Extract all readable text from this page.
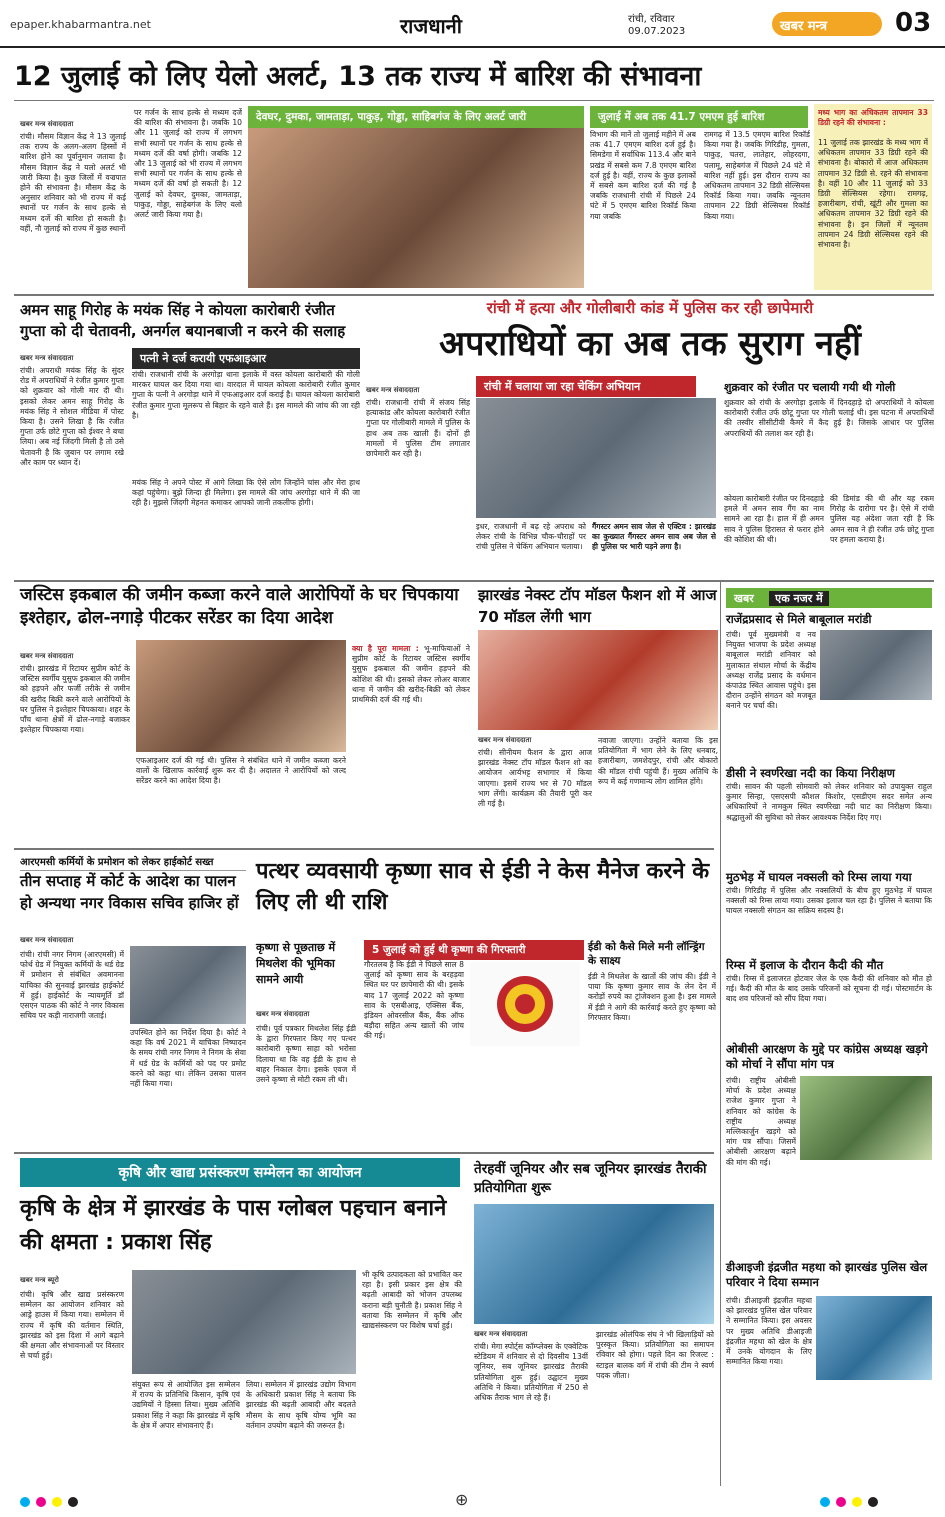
epaper.khabarmantra.net	राजधानी	रांची, रविवार
09.07.2023	खबर मन्त्र	03
12 जुलाई को लिए येलो अलर्ट, 13 तक राज्य में बारिश की संभावना
खबर मन्त्र संवाददाता
रांची। मौसम विज्ञान केंद्र ने 13 जुलाई तक राज्य के अलग-अलग हिस्सों में बारिश होने का पूर्वानुमान जताया है। मौसम विज्ञान केंद्र ने यलो अलर्ट भी जारी किया है। कुछ जिलों में वज्रपात होने की संभावना है। मौसम केंद्र के अनुसार शनिवार को भी राज्य में कई स्थानों पर गर्जन के साथ हल्के से मध्यम दर्जे की बारिश हो सकती है। वहीं, नौ जुलाई को राज्य में कुछ स्थानों
पर गर्जन के साथ हल्के से मध्यम दर्जे की बारिश की संभावना है। जबकि 10 और 11 जुलाई को राज्य में लगभग सभी स्थानों पर गर्जन के साथ हल्के से मध्यम दर्जे की वर्षा होगी। जबकि 12 और 13 जुलाई को भी राज्य में लगभग सभी स्थानों पर गर्जन के साथ हल्के से मध्यम दर्जे की वर्षा हो सकती है। 12 जुलाई को देवघर, दुमका, जामताड़ा, पाकुड़, गोड्डा, साहेबगंज के लिए यलो अलर्ट जारी किया गया है।
देवघर, दुमका, जामताड़ा, पाकुड़, गोड्डा, साहिबगंज के लिए अलर्ट जारी	जुलाई में अब तक 41.7 एमएम हुई बारिश
विभाग की मानें तो जुलाई महीने में अब तक 41.7 एमएम बारिश दर्ज हुई है। सिमडेगा में सर्वाधिक 113.4 और बाने प्रखंड में सबसे कम 7.8 एमएम बारिश दर्ज हुई है। वहीं, राज्य के कुछ इलाकों में सबसे कम बारिश दर्ज की गई है जबकि राजधानी रांची में पिछले 24 घंटे में 5 एमएम बारिश रिकॉर्ड किया गया जबकि
रामगढ़ में 13.5 एमएम बारिश रिकॉर्ड किया गया है। जबकि गिरिडीह, गुमला, पाकुड़, चतरा, लातेहार, लोहरदगा, पलामू, साहेबगंज में पिछले 24 घंटे में बारिश नहीं हुई। इस दौरान राज्य का अधिकतम तापमान 32 डिग्री सेल्सियस रिकॉर्ड किया गया। जबकि न्यूनतम तापमान 22 डिग्री सेल्सियस रिकॉर्ड किया गया।
मध्य भाग का अधिकतम तापमान 33 डिग्री रहने की संभावना :
11 जुलाई तक झारखंड के मध्य भाग में अधिकतम तापमान 33 डिग्री रहने की संभावना है। बोकारो में आज अधिकतम तापमान 32 डिग्री से. रहने की संभावना है। वहीं 10 और 11 जुलाई को 33 डिग्री सेल्सियस रहेगा। रामगढ़, हजारीबाग, रांची, खूंटी और गुमला का अधिकतम तापमान 32 डिग्री रहने की संभावना है। इन जिलों में न्यूनतम तापमान 24 डिग्री सेल्सियस रहने की संभावना है।
अमन साहू गिरोह के मयंक सिंह ने कोयला कारोबारी रंजीत गुप्ता को दी चेतावनी, अनर्गल बयानबाजी न करने की सलाह
खबर मन्त्र संवाददाता
रांची। अपराधी मयंक सिंह के सुंदर रोड में अपराधियों ने रंजीत कुमार गुप्ता को शुक्रवार को गोली मार दी थी। इसको लेकर अमन साहू गिरोह के मयंक सिंह ने सोशल मीडिया में पोस्ट किया है। उसने लिखा है कि रंजीत गुप्ता उर्फ छोटे गुप्ता को ईश्वर ने बचा लिया। अब नई जिंदगी मिली है तो उसे चेतावनी है कि जुबान पर लगाम रखे और काम पर ध्यान दें।
पत्नी ने दर्ज करायी एफआइआर
रांची। राजधानी रांची के अरगोड़ा थाना इलाके में वस्त कोयला कारोबारी की गोली मारकर घायल कर दिया गया था। वारदात में घायल कोयला कारोबारी रंजीत कुमार गुप्ता के पत्नी ने अरगोड़ा थाने में एफआइआर दर्ज कराई है। घायल कोयला कारोबारी रंजीत कुमार गुप्ता मूलरूप से बिहार के रहने वाले हैं। इस मामले की जांच की जा रही है।
मयंक सिंह ने अपने पोस्ट में आगे लिखा कि ऐसे लोग जिन्होंने चांस और मेरा हाथ कहां पहुंचेगा। बुझे जिन्दा ही मिलेगा। इस मामले की जांच अरगोड़ा थाने में की जा रही है। मुझसे जिंदगी मेहनत कमाकर आपको जानी तकलीफ होगी।
रांची में हत्या और गोलीबारी कांड में पुलिस कर रही छापेमारी
अपराधियों का अब तक सुराग नहीं
खबर मन्त्र संवाददाता
रांची। राजधानी रांची में संजय सिंह हत्याकांड और कोयला कारोबारी रंजीत गुप्ता पर गोलीबारी मामले में पुलिस के हाथ अब तक खाली हैं। दोनों ही मामलों में पुलिस टीम लगातार छापेमारी कर रही है।
रांची में चलाया जा रहा चेकिंग अभियान
इधर, राजधानी में बढ़ रहे अपराध को लेकर रांची के विभिन्न चौक-चौराहों पर रांची पुलिस ने चेकिंग अभियान चलाया।
गैंगस्टर अमन साव जेल से एक्टिव : झारखंड का कुख्यात गैंगस्टर अमन साव अब जेल से ही पुलिस पर भारी पड़ने लगा है।
शुक्रवार को रंजीत पर चलायी गयी थी गोली
शुक्रवार को रांची के अरगोड़ा इलाके में दिनदहाड़े दो अपराधियों ने कोयला कारोबारी रंजीत उर्फ छोटू गुप्ता पर गोली चलाई थी। इस घटना में अपराधियों की तस्वीर सीसीटीवी कैमरे में कैद हुई है। जिसके आधार पर पुलिस अपराधियों की तलाश कर रही है।
कोयला कारोबारी रंजीत पर दिनदहाड़े हमले में अमन साव गैंग का नाम सामने आ रहा है। हाल में ही अमन साव ने पुलिस हिरासत से फरार होने की कोशिश की थी।
की डिमांड की थी और यह रकम गिरोह के दारोगा पर है। ऐसे में रांची पुलिस यह अंदेशा जता रही है कि अमन साव ने ही रंजीत उर्फ छोटू गुप्ता पर हमला कराया है।
जस्टिस इकबाल की जमीन कब्जा करने वाले आरोपियों के घर चिपकाया इश्तेहार, ढोल-नगाड़े पीटकर सरेंडर का दिया आदेश
खबर मन्त्र संवाददाता
रांची। झारखंड में रिटायर सुप्रीम कोर्ट के जस्टिस स्वर्गीय युसुफ इकबाल की जमीन को हड़पने और फर्जी तरीके से जमीन की खरीद बिक्री करने वाले आरोपियों के घर पुलिस ने इश्तेहार चिपकाया। शहर के पाँच थाना क्षेत्रों में ढोल-नगाड़े बजाकर इश्तेहार चिपकाया गया।
एफआइआर दर्ज की गई थी। पुलिस ने संबंधित थाने में जमीन कब्जा करने वालों के खिलाफ कार्रवाई शुरू कर दी है। अदालत ने आरोपियों को जल्द सरेंडर करने का आदेश दिया है।
क्या है पूरा मामला : भू-माफियाओं ने सुप्रीम कोर्ट के रिटायर जस्टिस स्वर्गीय युसुफ इकबाल की जमीन हड़पने की कोशिश की थी। इसको लेकर लोअर बाजार थाना में जमीन की खरीद-बिक्री को लेकर प्राथमिकी दर्ज की गई थी।
झारखंड नेक्स्ट टॉप मॉडल फैशन शो में आज 70 मॉडल लेंगी भाग
खबर मन्त्र संवाददाता
रांची। सीनीयम फैशन के द्वारा आज झारखंड नेक्स्ट टॉप मॉडल फैशन शो का आयोजन आर्यभट्ट सभागार में किया जाएगा। इसमें राज्य भर से 70 मॉडल भाग लेंगी। कार्यक्रम की तैयारी पूरी कर ली गई है।
नवाजा जाएगा। उन्होंने बताया कि इस प्रतियोगिता में भाग लेने के लिए धनबाद, हजारीबाग, जमशेदपुर, रांची और बोकारो की मॉडल रांची पहुंची हैं। मुख्य अतिथि के रूप में कई गणमान्य लोग शामिल होंगे।
खबर एक नजर में
राजेंद्रप्रसाद से मिले बाबूलाल मरांडी
रांची। पूर्व मुख्यमंत्री व नव नियुक्त भाजपा के प्रदेश अध्यक्ष बाबूलाल मरांडी शनिवार को मुलाकात संथाल मोर्चा के केंद्रीय अध्यक्ष राजेंद्र प्रसाद के वर्धमान कंपाउंड स्थित आवास पहुंचे। इस दौरान उन्होंने संगठन को मजबूत बनाने पर चर्चा की।
डीसी ने स्वर्णरेखा नदी का किया निरीक्षण
रांची। सावन की पहली सोमवारी को लेकर शनिवार को उपायुक्त राहुल कुमार सिन्हा, एसएसपी कौशल किशोर, एसडीएम सदर समेत अन्य अधिकारियों ने नामकुम स्थित स्वर्णरेखा नदी घाट का निरीक्षण किया। श्रद्धालुओं की सुविधा को लेकर आवश्यक निर्देश दिए गए।
मुठभेड़ में घायल नक्सली को रिम्स लाया गया
रांची। गिरिडीह में पुलिस और नक्सलियों के बीच हुए मुठभेड़ में घायल नक्सली को रिम्स लाया गया। उसका इलाज चल रहा है। पुलिस ने बताया कि घायल नक्सली संगठन का सक्रिय सदस्य है।
रिम्स में इलाज के दौरान कैदी की मौत
रांची। रिम्स में इलाजरत होटवार जेल के एक कैदी की शनिवार को मौत हो गई। कैदी की मौत के बाद उसके परिजनों को सूचना दी गई। पोस्टमार्टम के बाद शव परिजनों को सौंप दिया गया।
ओबीसी आरक्षण के मुद्दे पर कांग्रेस अध्यक्ष खड़गे को मोर्चा ने सौंपा मांग पत्र
रांची। राष्ट्रीय ओबीसी मोर्चा के प्रदेश अध्यक्ष राजेश कुमार गुप्ता ने शनिवार को कांग्रेस के राष्ट्रीय अध्यक्ष मल्लिकार्जुन खड़गे को मांग पत्र सौंपा। जिसमें ओबीसी आरक्षण बढ़ाने की मांग की गई।
डीआइजी इंद्रजीत महथा को झारखंड पुलिस खेल परिवार ने दिया सम्मान
रांची। डीआइजी इंद्रजीत महथा को झारखंड पुलिस खेल परिवार ने सम्मानित किया। इस अवसर पर मुख्य अतिथि डीआइजी इंद्रजीत महथा को खेल के क्षेत्र में उनके योगदान के लिए सम्मानित किया गया।
आरएमसी कर्मियों के प्रमोशन को लेकर हाईकोर्ट सख्त
तीन सप्ताह में कोर्ट के आदेश का पालन हो अन्यथा नगर विकास सचिव हाजिर हों
खबर मन्त्र संवाददाता
रांची। रांची नगर निगम (आरएमसी) में फोर्थ ग्रेड में नियुक्त कर्मियों के थर्ड ग्रेड में प्रमोशन से संबंधित अवमानना याचिका की सुनवाई झारखंड हाईकोर्ट में हुई। हाईकोर्ट के न्यायमूर्ति डॉ एसएन पाठक की कोर्ट ने नगर विकास सचिव पर कड़ी नाराजगी जताई।
उपस्थित होने का निर्देश दिया है। कोर्ट ने कहा कि वर्ष 2021 में याचिका निष्पादन के समय रांची नगर निगम ने निगम के सेवा में थर्ड ग्रेड के कर्मियों को पद पर प्रमोट करने को कहा था। लेकिन उसका पालन नहीं किया गया।
पत्थर व्यवसायी कृष्णा साव से ईडी ने केस मैनेज करने के लिए ली थी राशि
कृष्णा से पूछताछ में मिथलेश की भूमिका सामने आयी
खबर मन्त्र संवाददाता
रांची। पूर्व पत्रकार मिथलेश सिंह ईडी के द्वारा गिरफ्तार किए गए पत्थर कारोबारी कृष्णा साहा को भरोसा दिलाया था कि वह ईडी के हाथ से बाहर निकाल देगा। इसके एवज में उसने कृष्णा से मोटी रकम ली थी।
5 जुलाई को हुई थी कृष्णा की गिरफ्तारी
गौरतलब है कि ईडी ने पिछले साल 8 जुलाई को कृष्णा साव के बरहड़वा स्थित घर पर छापेमारी की थी। इसके बाद 17 जुलाई 2022 को कृष्णा साव के एसबीआइ, एक्सिस बैंक, इंडियन ओवरसीज बैंक, बैंक ऑफ बड़ौदा सहित अन्य खातों की जांच की गई।
ईडी को कैसे मिले मनी लॉन्ड्रिंग के साक्ष्य
ईडी ने मिथलेश के खातों की जांच की। ईडी ने पाया कि कृष्णा कुमार साव के लेन देन में करोड़ों रुपये का ट्रांजेक्शन हुआ है। इस मामले में ईडी ने आगे की कार्रवाई करते हुए कृष्णा को गिरफ्तार किया।
कृषि और खाद्य प्रसंस्करण सम्मेलन का आयोजन
कृषि के क्षेत्र में झारखंड के पास ग्लोबल पहचान बनाने की क्षमता : प्रकाश सिंह
खबर मन्त्र ब्यूरो
रांची। कृषि और खाद्य प्रसंस्करण सम्मेलन का आयोजन शनिवार को आड्रे हाउस में किया गया। सम्मेलन में राज्य में कृषि की वर्तमान स्थिति, झारखंड को इस दिशा में आगे बढ़ाने की क्षमता और संभावनाओं पर विस्तार से चर्चा हुई।
संयुक्त रूप से आयोजित इस सम्मेलन में राज्य के प्रतिनिधि किसान, कृषि एवं उद्यमियों ने हिस्सा लिया। मुख्य अतिथि प्रकाश सिंह ने कहा कि झारखंड में कृषि के क्षेत्र में अपार संभावनाएं हैं।
लिया। सम्मेलन में झारखंड उद्योग विभाग के अधिकारी प्रकाश सिंह ने बताया कि झारखंड की बढ़ती आबादी और बदलते मौसम के साथ कृषि योग्य भूमि का वर्तमान उपयोग बढ़ाने की जरूरत है।
भी कृषि उत्पादकता को प्रभावित कर रहा है। इसी प्रकार इस क्षेत्र की बढ़ती आबादी को भोजन उपलब्ध कराना बड़ी चुनौती है। प्रकाश सिंह ने बताया कि सम्मेलन में कृषि और खाद्यसंस्करण पर विशेष चर्चा हुई।
तेरहवीं जूनियर और सब जूनियर झारखंड तैराकी प्रतियोगिता शुरू
खबर मन्त्र संवाददाता
रांची। मेगा स्पोर्ट्स कॉम्प्लेक्स के एक्वेटिक स्टेडियम में शनिवार से दो दिवसीय 13वीं जूनियर, सब जूनियर झारखंड तैराकी प्रतियोगिता शुरू हुई। उद्घाटन मुख्य अतिथि ने किया। प्रतियोगिता में 250 से अधिक तैराक भाग ले रहे हैं।
झारखंड ओलंपिक संघ ने भी खिलाड़ियों को पुरस्कृत किया। प्रतियोगिता का समापन रविवार को होगा। पहले दिन का रिजल्ट : स्टाइल बालक वर्ग में रांची की टीम ने स्वर्ण पदक जीता।
⊕
